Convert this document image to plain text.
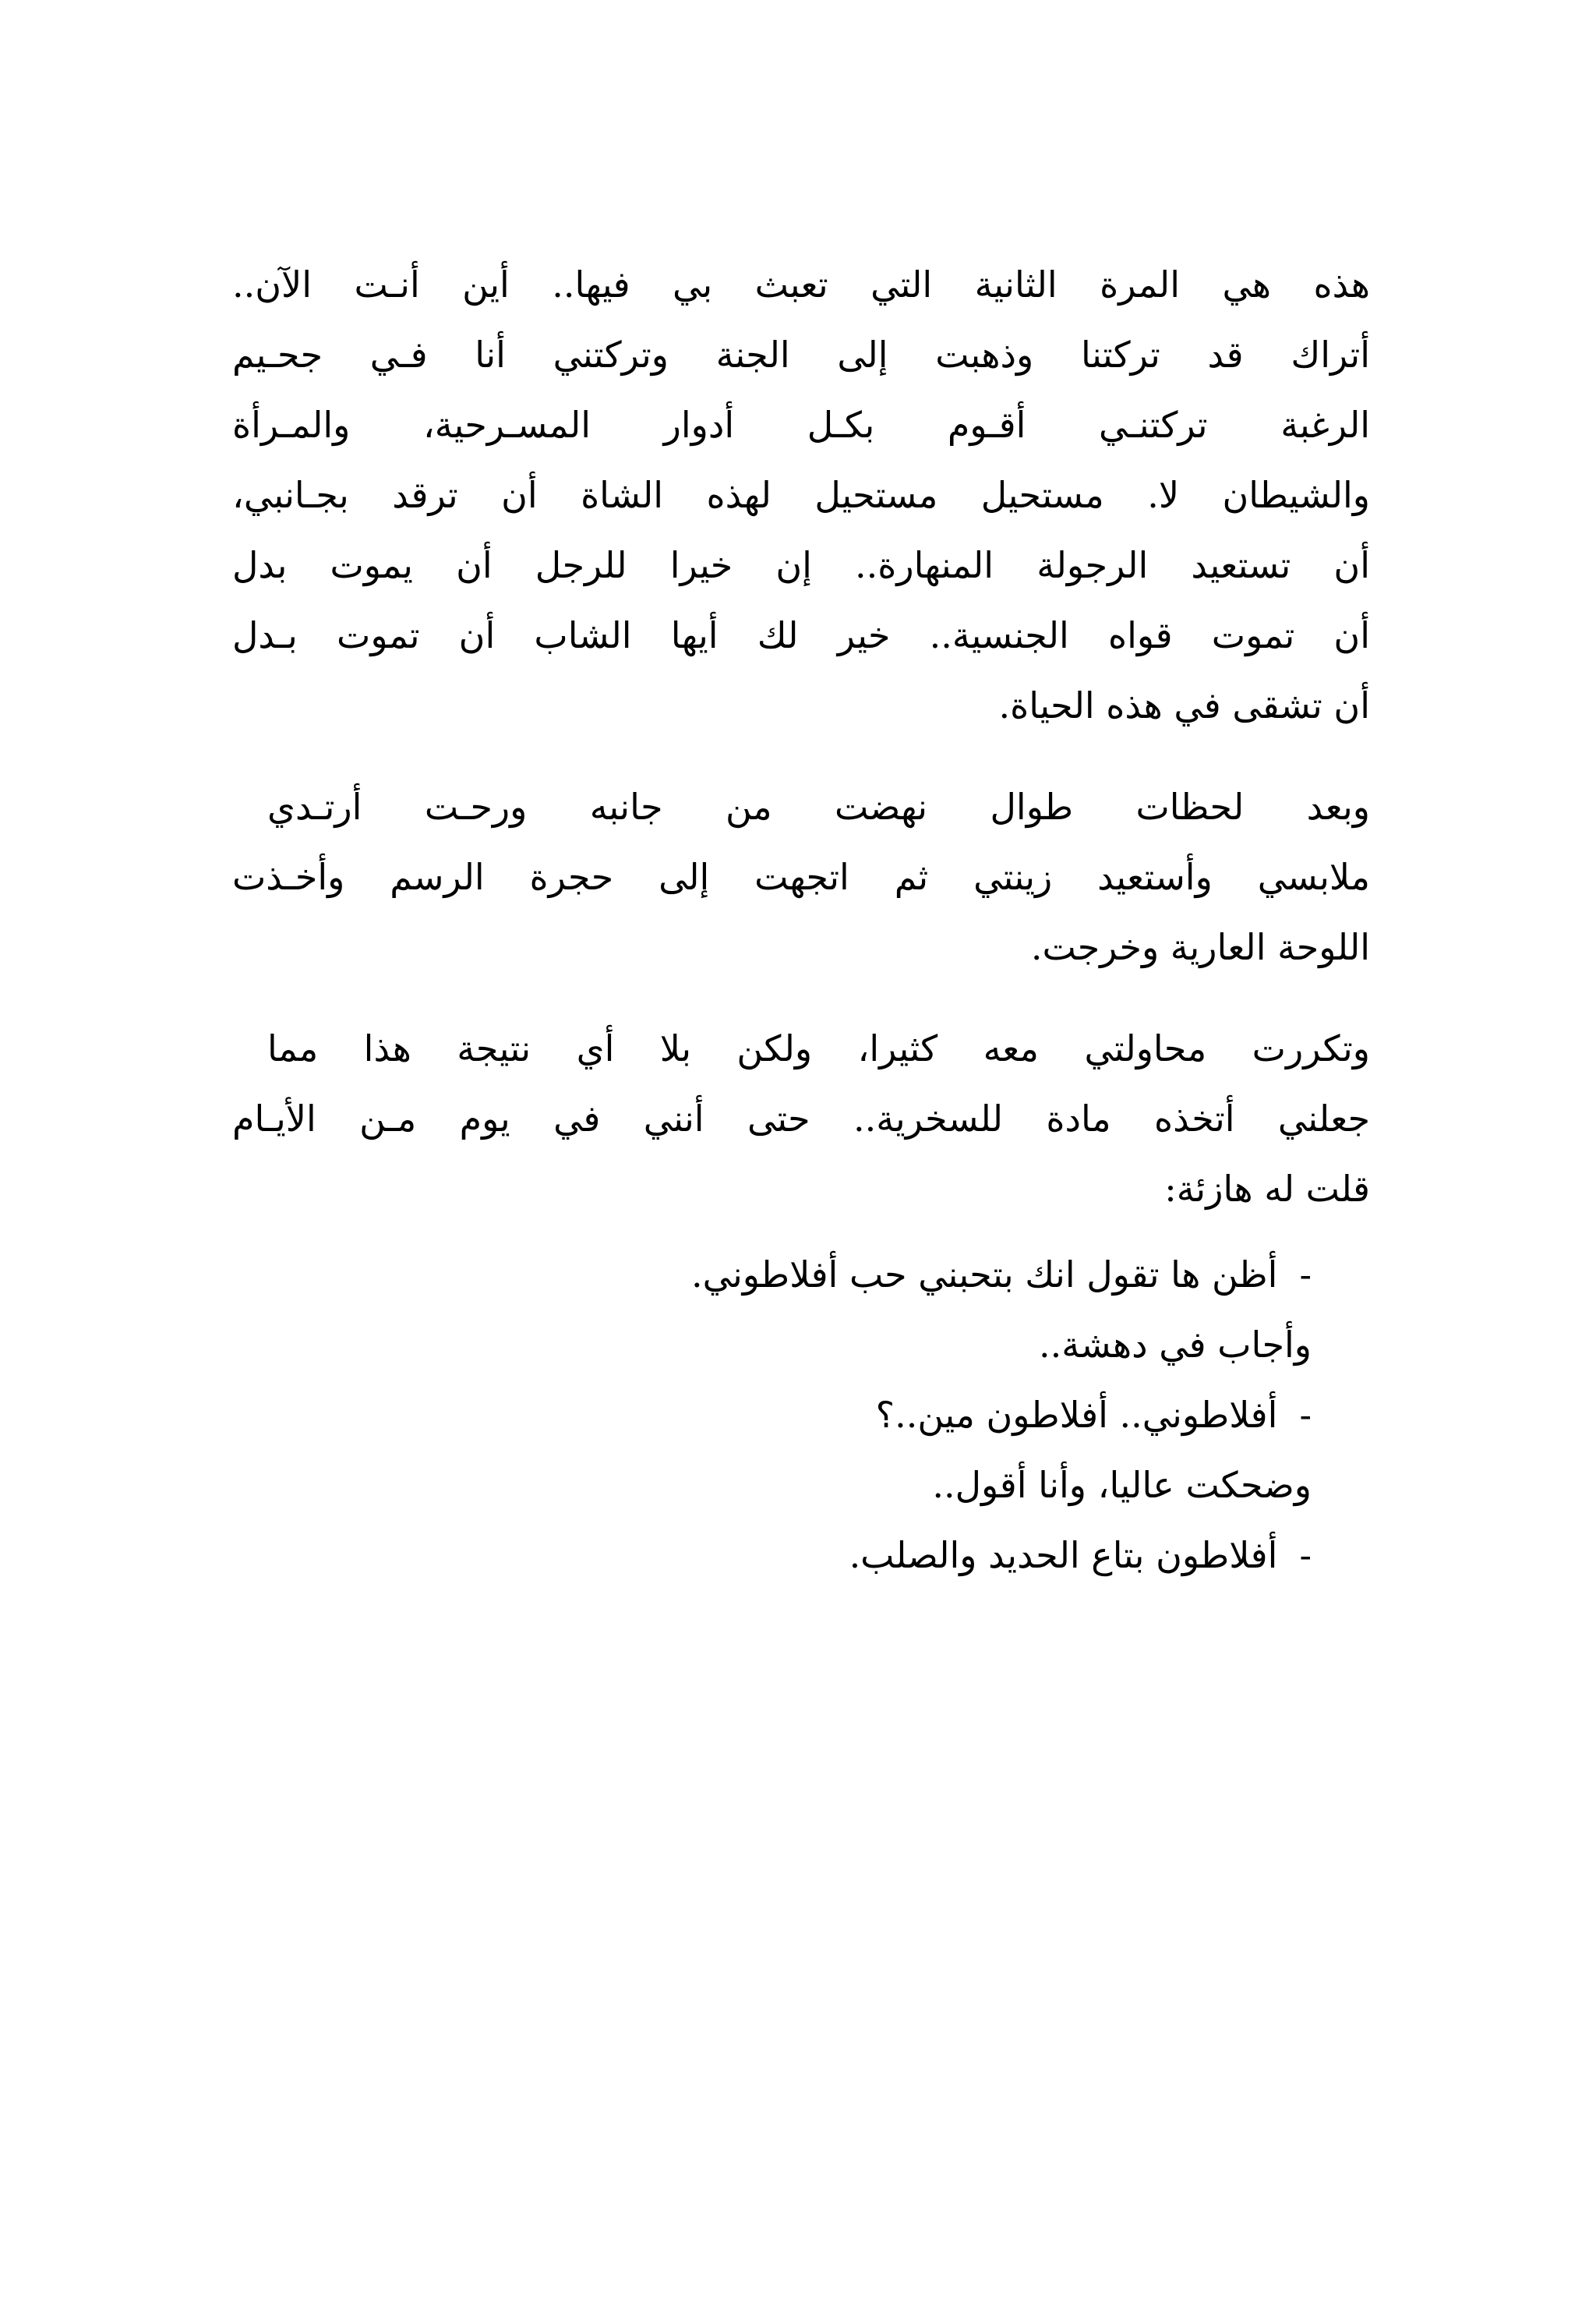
هذه هي المرة الثانية التي تعبث بي فيها.. أين أنـت الآن..
أتراك قد تركتنا وذهبت إلى الجنة وتركتني أنا فـي جحـيم
الرغبة تركتنـي أقـوم بكـل أدوار المسـرحية، والمـرأة
والشيطان لا. مستحيل مستحيل لهذه الشاة أن ترقد بجـانبي،
أن تستعيد الرجولة المنهارة.. إن خيرا للرجل أن يموت بدل
أن تموت قواه الجنسية.. خير لك أيها الشاب أن تموت بـدل
أن تشقى في هذه الحياة.
وبعد لحظات طوال نهضت من جانبه ورحـت أرتـدي
ملابسي وأستعيد زينتي ثم اتجهت إلى حجرة الرسم وأخـذت
اللوحة العارية وخرجت.
وتكررت محاولتي معه كثيرا، ولكن بلا أي نتيجة هذا مما
جعلني أتخذه مادة للسخرية.. حتى أنني في يوم مـن الأيـام
قلت له هازئة:
-أظن ها تقول انك بتحبني حب أفلاطوني.
وأجاب في دهشة..
-أفلاطوني.. أفلاطون مين..؟
وضحكت عاليا، وأنا أقول..
-أفلاطون بتاع الحديد والصلب.
